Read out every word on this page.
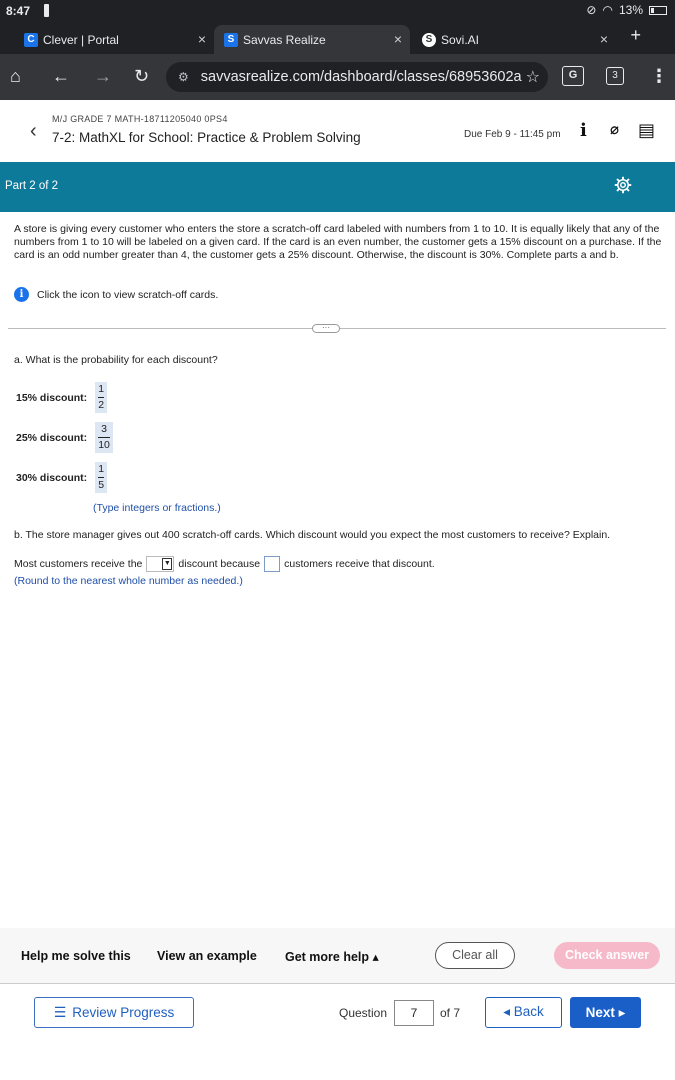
8:47	⊘ ◠ 13%
C Clever | Portal	×	S Savvas Realize	×	S Sovi.AI	× +
⌂ ← → ↻ ⚙ savvasrealize.com/dashboard/classes/68953602a ☆	G	3	⋮
‹
M/J GRADE 7 MATH-18711205040 0PS4
7-2: MathXL for School: Practice & Problem Solving	Due Feb 9 - 11:45 pm i ⌀ ▤
Part 2 of 2

A store is giving every customer who enters the store a scratch-off card labeled with numbers from 1 to 10. It is equally likely that any of the numbers from 1 to 10 will be labeled on a given card. If the card is an even number, the customer gets a 15% discount on a purchase. If the card is an odd number greater than 4, the customer gets a 25% discount. Otherwise, the discount is 30%. Complete parts a and b.

i	Click the icon to view scratch-off cards.
···
a. What is the probability for each discount?
15% discount: $\frac{1}{2}$
25% discount: $\frac{3}{10}$
30% discount: $\frac{1}{5}$
(Type integers or fractions.)
b. The store manager gives out 400 scratch-off cards. Which discount would you expect the most customers to receive? Explain.
Most customers receive the	▼ discount because customers receive that discount.
(Round to the nearest whole number as needed.)
Help me solve this View an example Get more help ▴	Clear all	Check answer
☰ Review Progress	Question	7	of 7	◂ Back	Next ▸
